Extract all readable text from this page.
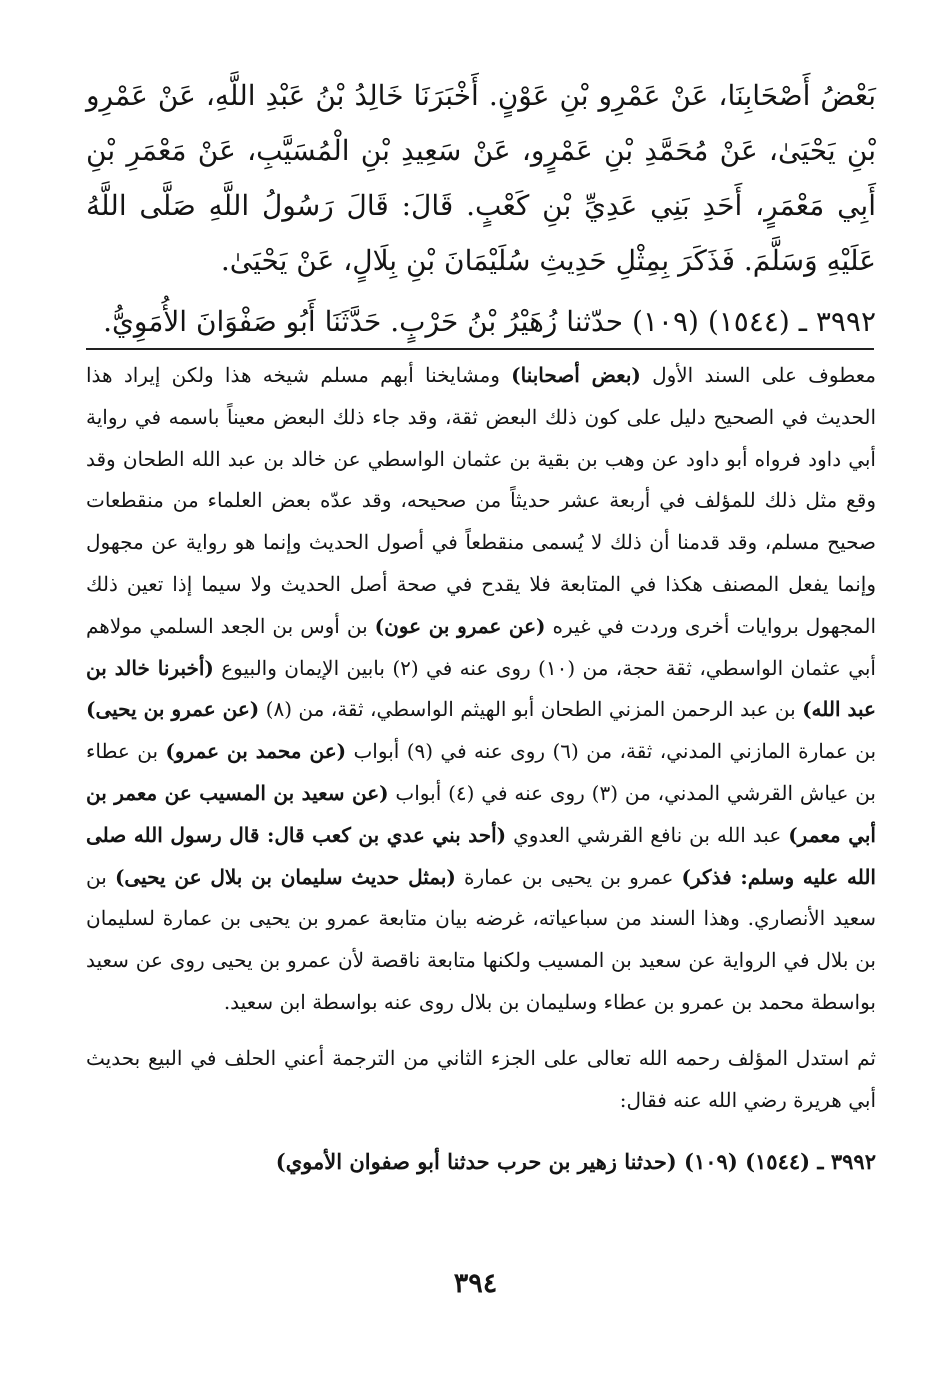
بَعْضُ أَصْحَابِنَا، عَنْ عَمْرِو بْنِ عَوْنٍ. أَخْبَرَنَا خَالِدُ بْنُ عَبْدِ اللَّهِ، عَنْ عَمْرِو بْنِ يَحْيَىٰ، عَنْ مُحَمَّدِ بْنِ عَمْرٍو، عَنْ سَعِيدِ بْنِ الْمُسَيَّبِ، عَنْ مَعْمَرِ بْنِ أَبِي مَعْمَرٍ، أَحَدِ بَنِي عَدِيِّ بْنِ كَعْبٍ. قَالَ: قَالَ رَسُولُ اللَّهِ صَلَّى اللَّهُ عَلَيْهِ وَسَلَّمَ. فَذَكَرَ بِمِثْلِ حَدِيثِ سُلَيْمَانَ بْنِ بِلَالٍ، عَنْ يَحْيَىٰ.

٣٩٩٢ ـ (١٥٤٤) (١٠٩) حدّثنا زُهَيْرُ بْنُ حَرْبٍ. حَدَّثَنَا أَبُو صَفْوَانَ الأُمَوِيُّ.

معطوف على السند الأول (بعض أصحابنا) ومشايخنا أبهم مسلم شيخه هذا ولكن إيراد هذا الحديث في الصحيح دليل على كون ذلك البعض ثقة، وقد جاء ذلك البعض معيناً باسمه في رواية أبي داود فرواه أبو داود عن وهب بن بقية بن عثمان الواسطي عن خالد بن عبد الله الطحان وقد وقع مثل ذلك للمؤلف في أربعة عشر حديثاً من صحيحه، وقد عدّه بعض العلماء من منقطعات صحيح مسلم، وقد قدمنا أن ذلك لا يُسمى منقطعاً في أصول الحديث وإنما هو رواية عن مجهول وإنما يفعل المصنف هكذا في المتابعة فلا يقدح في صحة أصل الحديث ولا سيما إذا تعين ذلك المجهول بروايات أخرى وردت في غيره (عن عمرو بن عون) بن أوس بن الجعد السلمي مولاهم أبي عثمان الواسطي، ثقة حجة، من (١٠) روى عنه في (٢) بابين الإيمان والبيوع (أخبرنا خالد بن عبد الله) بن عبد الرحمن المزني الطحان أبو الهيثم الواسطي، ثقة، من (٨) (عن عمرو بن يحيى) بن عمارة المازني المدني، ثقة، من (٦) روى عنه في (٩) أبواب (عن محمد بن عمرو) بن عطاء بن عياش القرشي المدني، من (٣) روى عنه في (٤) أبواب (عن سعيد بن المسيب عن معمر بن أبي معمر) عبد الله بن نافع القرشي العدوي (أحد بني عدي بن كعب قال: قال رسول الله صلى الله عليه وسلم: فذكر) عمرو بن يحيى بن عمارة (بمثل حديث سليمان بن بلال عن يحيى) بن سعيد الأنصاري. وهذا السند من سباعياته، غرضه بيان متابعة عمرو بن يحيى بن عمارة لسليمان بن بلال في الرواية عن سعيد بن المسيب ولكنها متابعة ناقصة لأن عمرو بن يحيى روى عن سعيد بواسطة محمد بن عمرو بن عطاء وسليمان بن بلال روى عنه بواسطة ابن سعيد.

ثم استدل المؤلف رحمه الله تعالى على الجزء الثاني من الترجمة أعني الحلف في البيع بحديث أبي هريرة رضي الله عنه فقال:

٣٩٩٢ ـ (١٥٤٤) (١٠٩) (حدثنا زهير بن حرب حدثنا أبو صفوان الأموي)

٣٩٤
